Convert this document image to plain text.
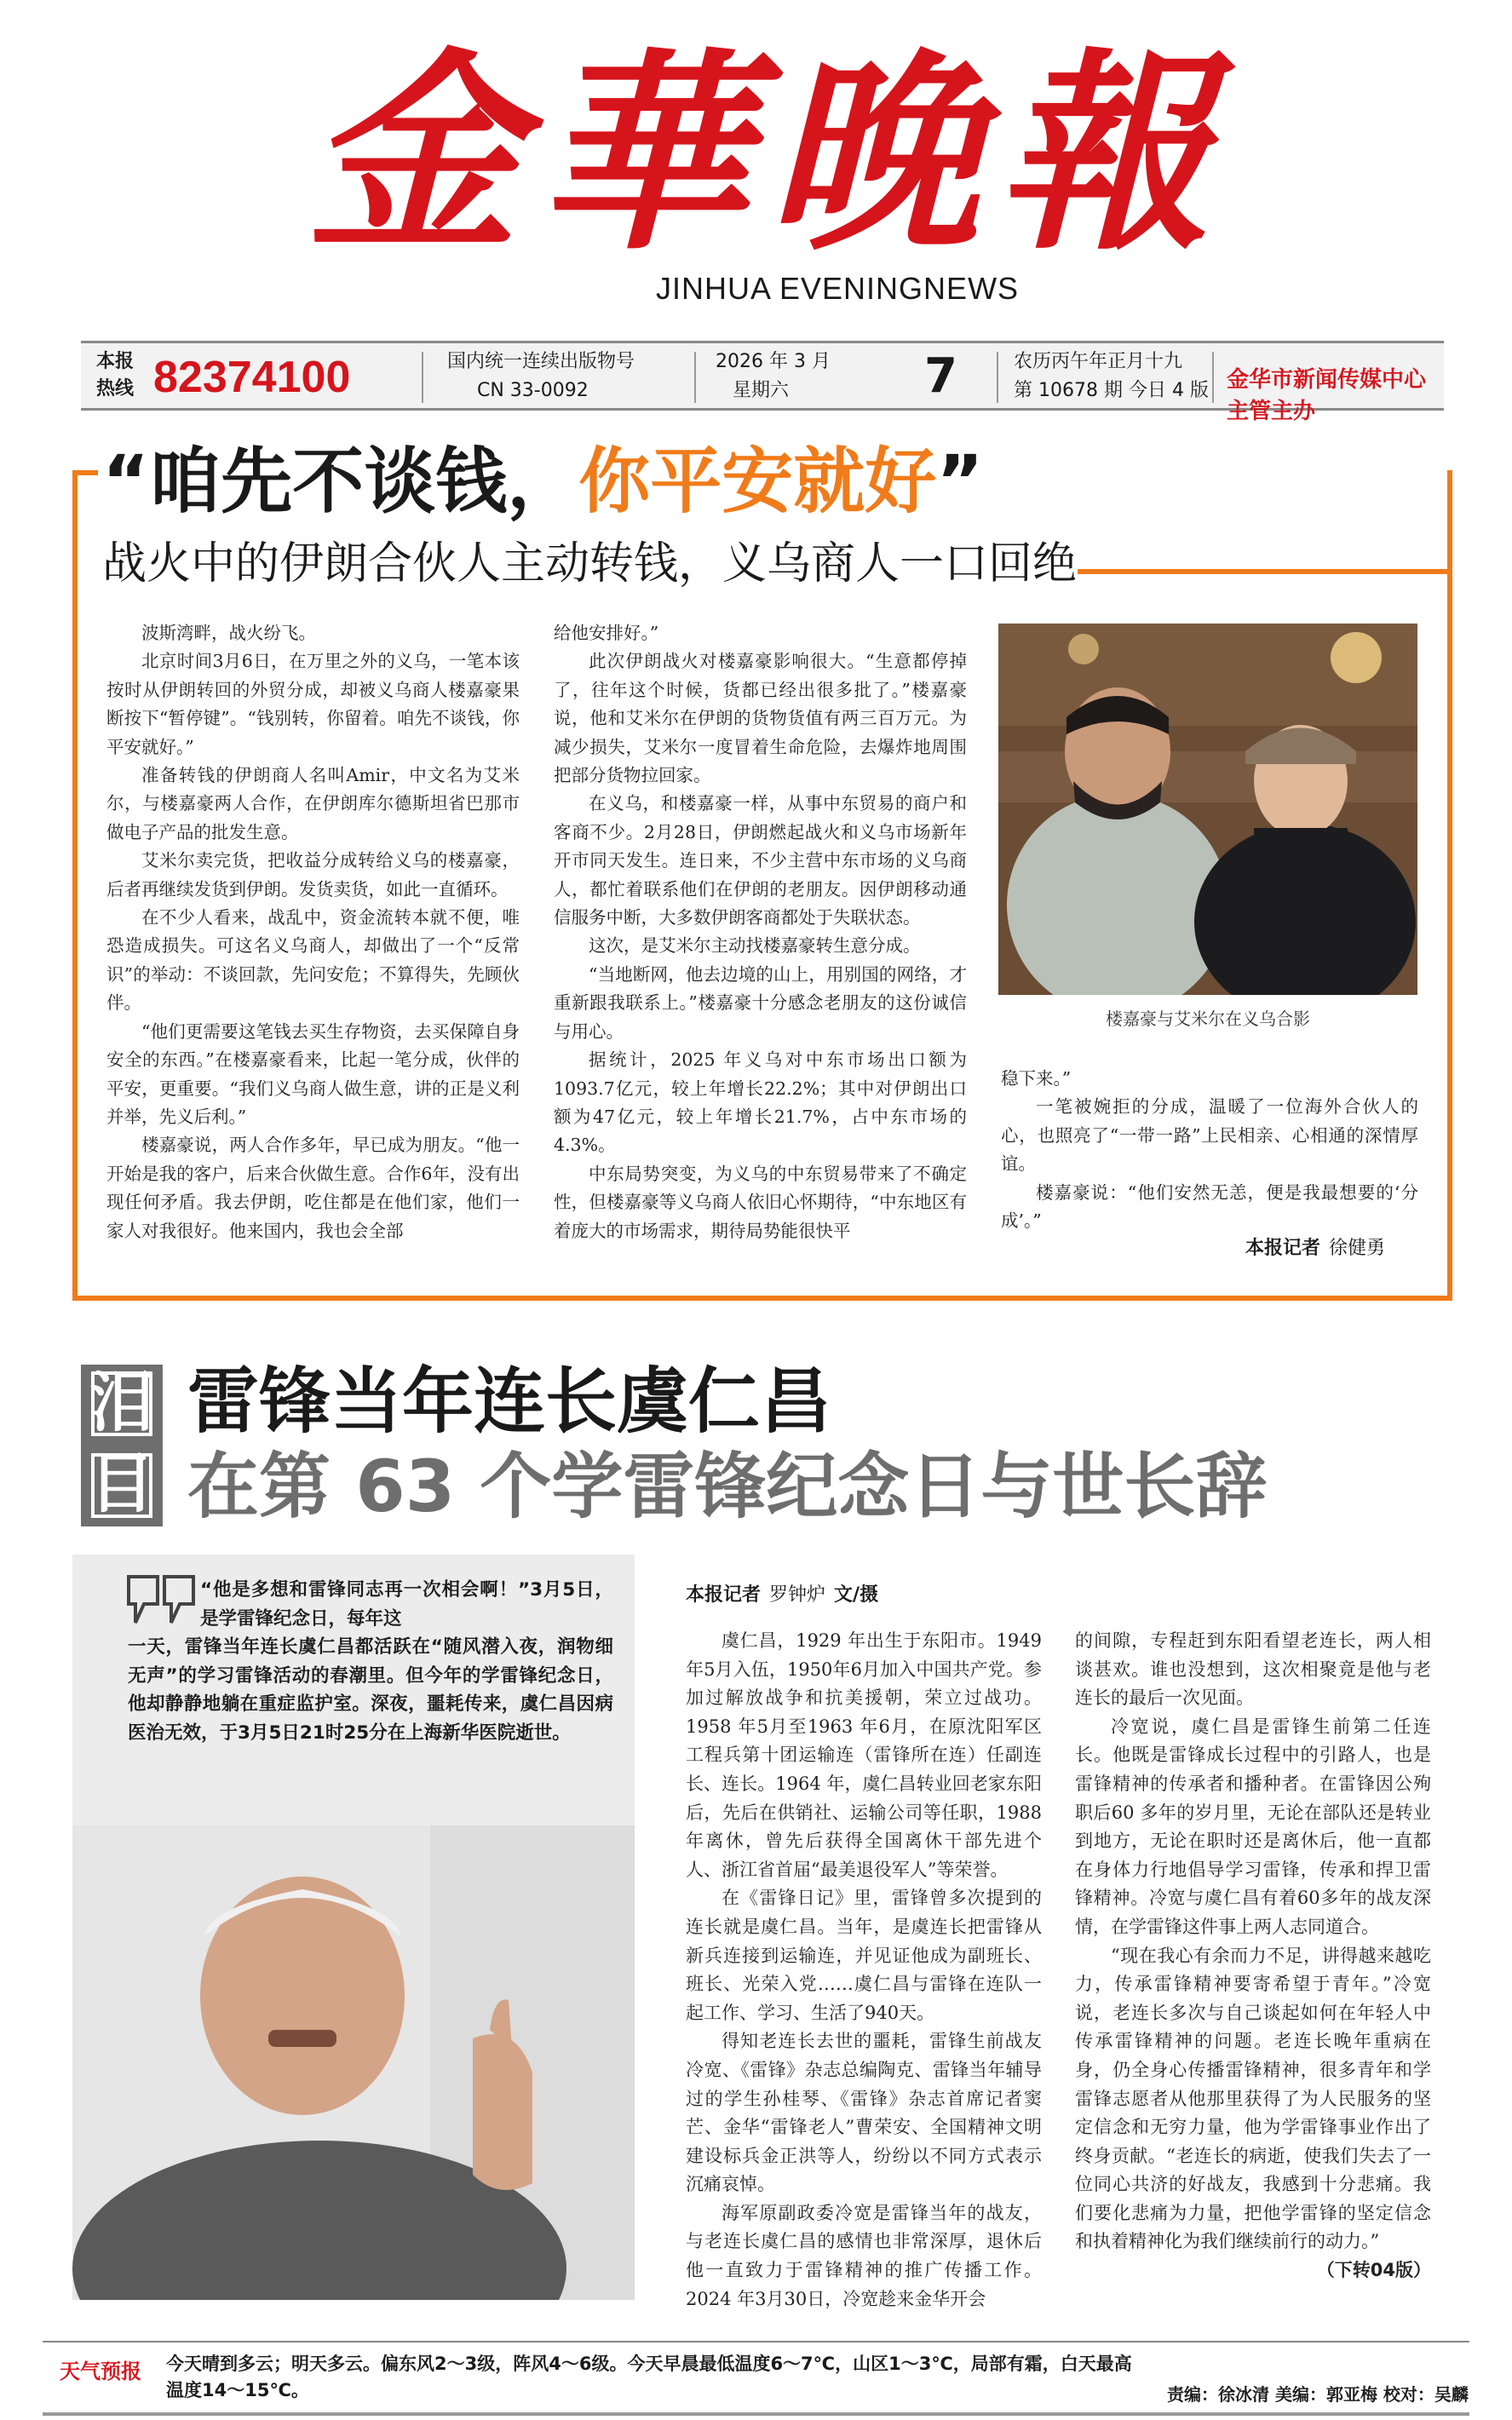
金華晚報
JINHUA EVENINGNEWS
本报热线 82374100	国内统一连续出版物号
CN 33-0092
2026 年 3 月
星期六	7	农历丙午年正月十九
第 10678 期 今日 4 版 金华市新闻传媒中心主管主办
“咱先不谈钱，你平安就好”
战火中的伊朗合伙人主动转钱，义乌商人一口回绝

波斯湾畔，战火纷飞。

北京时间3月6日，在万里之外的义乌，一笔本该按时从伊朗转回的外贸分成，却被义乌商人楼嘉豪果断按下“暂停键”。“钱别转，你留着。咱先不谈钱，你平安就好。”

准备转钱的伊朗商人名叫Amir，中文名为艾米尔，与楼嘉豪两人合作，在伊朗库尔德斯坦省巴那市做电子产品的批发生意。

艾米尔卖完货，把收益分成转给义乌的楼嘉豪，后者再继续发货到伊朗。发货卖货，如此一直循环。

在不少人看来，战乱中，资金流转本就不便，唯恐造成损失。可这名义乌商人，却做出了一个“反常识”的举动：不谈回款，先问安危；不算得失，先顾伙伴。

“他们更需要这笔钱去买生存物资，去买保障自身安全的东西。”在楼嘉豪看来，比起一笔分成，伙伴的平安，更重要。“我们义乌商人做生意，讲的正是义利并举，先义后利。”

楼嘉豪说，两人合作多年，早已成为朋友。“他一开始是我的客户，后来合伙做生意。合作6年，没有出现任何矛盾。我去伊朗，吃住都是在他们家，他们一家人对我很好。他来国内，我也会全部

给他安排好。”

此次伊朗战火对楼嘉豪影响很大。“生意都停掉了，往年这个时候，货都已经出很多批了。”楼嘉豪说，他和艾米尔在伊朗的货物货值有两三百万元。为减少损失，艾米尔一度冒着生命危险，去爆炸地周围把部分货物拉回家。

在义乌，和楼嘉豪一样，从事中东贸易的商户和客商不少。2月28日，伊朗燃起战火和义乌市场新年开市同天发生。连日来，不少主营中东市场的义乌商人，都忙着联系他们在伊朗的老朋友。因伊朗移动通信服务中断，大多数伊朗客商都处于失联状态。

这次，是艾米尔主动找楼嘉豪转生意分成。

“当地断网，他去边境的山上，用别国的网络，才重新跟我联系上。”楼嘉豪十分感念老朋友的这份诚信与用心。

据统计，2025 年义乌对中东市场出口额为1093.7亿元，较上年增长22.2%；其中对伊朗出口额为47亿元，较上年增长21.7%，占中东市场的4.3%。

中东局势突变，为义乌的中东贸易带来了不确定性，但楼嘉豪等义乌商人依旧心怀期待，“中东地区有着庞大的市场需求，期待局势能很快平

楼嘉豪与艾米尔在义乌合影

稳下来。”

一笔被婉拒的分成，温暖了一位海外合伙人的心，也照亮了“一带一路”上民相亲、心相通的深情厚谊。

楼嘉豪说：“他们安然无恙，便是我最想要的‘分成’。”

本报记者 徐健勇
泪
目
雷锋当年连长虞仁昌
在第 63 个学雷锋纪念日与世长辞
“他是多想和雷锋同志再一次相会啊！”3月5日，是学雷锋纪念日，每年这
一天，雷锋当年连长虞仁昌都活跃在“随风潜入夜，润物细无声”的学习雷锋活动的春潮里。但今年的学雷锋纪念日，他却静静地躺在重症监护室。深夜，噩耗传来，虞仁昌因病医治无效，于3月5日21时25分在上海新华医院逝世。
本报记者 罗钟炉 文/摄

虞仁昌，1929 年出生于东阳市。1949年5月入伍，1950年6月加入中国共产党。参加过解放战争和抗美援朝，荣立过战功。1958 年5月至1963 年6月，在原沈阳军区工程兵第十团运输连（雷锋所在连）任副连长、连长。1964 年，虞仁昌转业回老家东阳后，先后在供销社、运输公司等任职，1988年离休，曾先后获得全国离休干部先进个人、浙江省首届“最美退役军人”等荣誉。

在《雷锋日记》里，雷锋曾多次提到的连长就是虞仁昌。当年，是虞连长把雷锋从新兵连接到运输连，并见证他成为副班长、班长、光荣入党……虞仁昌与雷锋在连队一起工作、学习、生活了940天。

得知老连长去世的噩耗，雷锋生前战友冷宽、《雷锋》杂志总编陶克、雷锋当年辅导过的学生孙桂琴、《雷锋》杂志首席记者窦芒、金华“雷锋老人”曹荣安、全国精神文明建设标兵金正洪等人，纷纷以不同方式表示沉痛哀悼。

海军原副政委冷宽是雷锋当年的战友，与老连长虞仁昌的感情也非常深厚，退休后他一直致力于雷锋精神的推广传播工作。2024 年3月30日，冷宽趁来金华开会

的间隙，专程赶到东阳看望老连长，两人相谈甚欢。谁也没想到，这次相聚竟是他与老连长的最后一次见面。

冷宽说，虞仁昌是雷锋生前第二任连长。他既是雷锋成长过程中的引路人，也是雷锋精神的传承者和播种者。在雷锋因公殉职后60 多年的岁月里，无论在部队还是转业到地方，无论在职时还是离休后，他一直都在身体力行地倡导学习雷锋，传承和捍卫雷锋精神。冷宽与虞仁昌有着60多年的战友深情，在学雷锋这件事上两人志同道合。

“现在我心有余而力不足，讲得越来越吃力，传承雷锋精神要寄希望于青年。”冷宽说，老连长多次与自己谈起如何在年轻人中传承雷锋精神的问题。老连长晚年重病在身，仍全身心传播雷锋精神，很多青年和学雷锋志愿者从他那里获得了为人民服务的坚定信念和无穷力量，他为学雷锋事业作出了终身贡献。“老连长的病逝，使我们失去了一位同心共济的好战友，我感到十分悲痛。我们要化悲痛为力量，把他学雷锋的坚定信念和执着精神化为我们继续前行的动力。”

（下转04版）

天气预报 今天晴到多云；明天多云。偏东风2～3级，阵风4～6级。今天早晨最低温度6～7℃，山区1～3℃，局部有霜，白天最高温度14～15℃。	责编：徐冰清 美编：郭亚梅 校对：吴麟
